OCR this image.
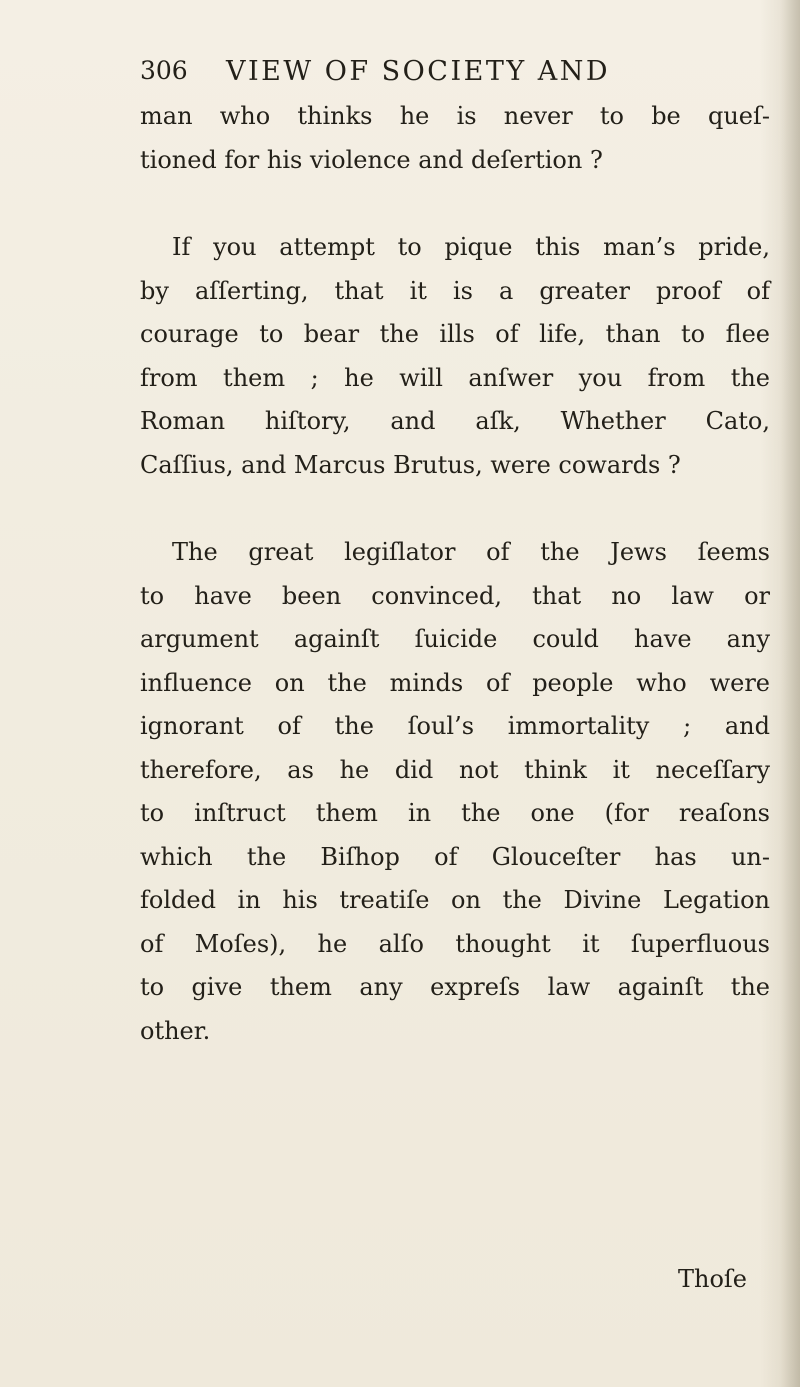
306 VIEW OF SOCIETY AND
man who thinks he is never to be queſ-
tioned for his violence and deſertion ?
If you attempt to pique this man’s pride,
by aſſerting, that it is a greater proof of
courage to bear the ills of life, than to flee
from them ; he will anſwer you from the
Roman hiſtory, and aſk, Whether Cato,
Caſſius, and Marcus Brutus, were cowards ?
The great legiſlator of the Jews ſeems
to have been convinced, that no law or
argument againſt ſuicide could have any
influence on the minds of people who were
ignorant of the ſoul’s immortality ; and
therefore, as he did not think it neceſſary
to inſtruct them in the one (for reaſons
which the Biſhop of Glouceſter has un-
folded in his treatiſe on the Divine Legation
of Moſes), he alſo thought it ſuperfluous
to give them any expreſs law againſt the
other.
Thoſe
